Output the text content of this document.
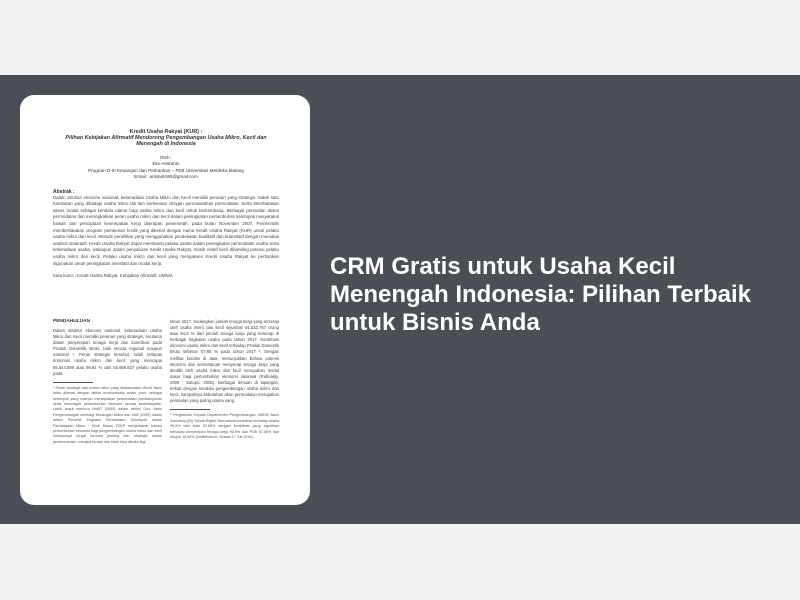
Kredit Usaha Rakyat (KUR) :
Pilihan Kebijakan Afirmatif Mendorong Pengembangan Usaha Mikro, Kecil dan Menengah di Indonesia
Oleh :
Eko Aristanto
Program D-III Keuangan dan Perbankan – FEB Universitas Merdeka Malang
Email : aristanto90@gmail.com
Abstrak :
Dalam struktur ekonomi nasional, keberadaan Usaha Mikro dan Kecil memiliki peranan yang strategis. Salah satu hambatan yang dihadapi usaha mikro tak lain berkenaan dengan permasalahan permodalan. Serta keterbatasan akses modal sebagai kendala utama bagi usaha mikro dan kecil untuk berkembang. Berbagai persoalan akses permodalan dan meningkatkan peran usaha mikro dan kecil dalam peningkatan pertumbuhan kelompok masyarakat bawah dan penciptaan kesempatan kerja diterapan pemerintah, pada bulan November 2007, Pemerintah memberlakukan program pemberian kredit yang dikenal dengan nama Kredit Usaha Rakyat (KUR) untuk pelaku usaha mikro dan kecil. Metode penelitian yang menggunakan pendekatan kualitatif dan kuantitatif dengan memakai analisis deskriptif. Kredit Usaha Rakyat dapat membantu pelaku usaha dalam peningkatan permodalan usaha serta keberadaan usaha, walaupun dalam penyaluran Kredit Usaha Rakyat, masih relatif kecil dibanding potensi pelaku usaha mikro dan kecil. Pelaku usaha mikro dan kecil yang mengakses Kredit Usaha Rakyat ke perbankan digunakan untuk peningkatan investasi dan modal kerja.
Kata kunci : Kredit Usaha Rakyat, Kebijakan Afirmatif, UMKM,
PENDAHULUAN
Dalam struktur ekonomi nasional, keberadaan Usaha Mikro dan Kecil memiliki peranan yang strategis, terutama dalam penyerapan tenaga kerja dan kontribusi pada Produk Domestik Bruto, baik secara regional maupun nasional ¹. Peran strategis tersebut, tidak terlepas dominasi usaha mikro dan kecil yang mencapai 55.644.899 atau 99,91 % dari 55.669.827 pelaku usaha pada
¹ Peran strategis dari usaha mikro yang dilaksanakan World Bank telah dikenal dengan istilah economically active poor, sebagai kelompok yang mampu menciptakan pemerataan pembangunan serta mencegah pertumbuhan ekonomi secara berkelanjutan. Lebih lanjut menurut MoBT (2005) dalam artikel Guo Vadis Pengembangan sembagi Keuangan Mikro dari UMI (2009) dalam artikel Penerbit Kegiatan Pendekatan Kelompok dalam Pembiayaan Mikro : Studi Kasus P2KP menjelaskan bahwa pertumbuhan ekonomi bagi pengembangan usaha mikro dan kecil mempunyai fungsi turunan penting dan strategis dalam perekonomian, menjadi krusial dan tidak bisa dibuka lagi.
tahun 2017. Sedangkan jumlah tenaga kerja yang terserap oleh usaha mikro dan kecil sejumlah 91.533.767 orang atau 94,9 % dari jumlah tenaga kerja yang terserap di berbagai tingkatan usaha pada tahun 2017. Kontribusi ekonomi usaha mikro dan kecil terhadap Produk Domestik Bruto sebesar 57,88 % pada tahun 2017 ². Dengan melihat kondisi di atas, menunjukkan bahwa potensi ekonomi dan kemampuan menyerap tenaga kerja yang dimiliki oleh usaha mikro dan kecil merupakan modal dasar bagi pertumbuhan ekonomi nasional (Rafinaldy, 2006 ; Sutopo, 2005). Berbagai temuan di lapangan, terkait dengan kendala pengembangan usaha mikro dan kecil, nampaknya kebutuhan akan permodalan merupakan persoalan yang paling utama yang
² Pergeseran Kepala Departemen Pengembangan UMKM Bank Indonesia (BI) Yulista Rejeki Sari bahwa kontribusi terhadap usaha 99,9% dari total 57,88% dengan kontribusi yang signifikan terhadap penyerapan tenaga kerja 96,9% dan PDB 57,56% dan ekspor 15,65% (Detikfinance, Selasa 17 Juli 2018).
CRM Gratis untuk Usaha Kecil Menengah Indonesia: Pilihan Terbaik untuk Bisnis Anda
